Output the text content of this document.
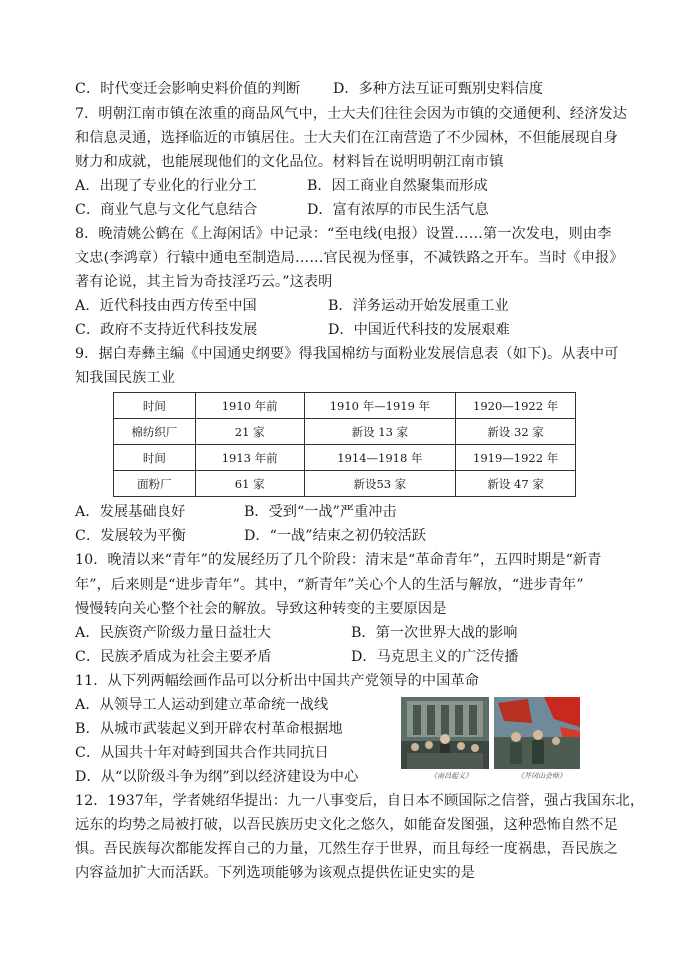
C．时代变迁会影响史料价值的判断 D．多种方法互证可甄别史料信度
7．明朝江南市镇在浓重的商品风气中，士大夫们往往会因为市镇的交通便利、经济发达
和信息灵通，选择临近的市镇居住。士大夫们在江南营造了不少园林，不但能展现自身
财力和成就，也能展现他们的文化品位。材料旨在说明明朝江南市镇
A．出现了专业化的行业分工	B．因工商业自然聚集而形成
C．商业气息与文化气息结合	D．富有浓厚的市民生活气息
8．晚清姚公鹤在《上海闲话》中记录：“至电线(电报）设置……第一次发电，则由李
文忠(李鸿章）行辕中通电至制造局……官民视为怪事，不减铁路之开车。当时《申报》
著有论说，其主旨为奇技淫巧云。”这表明
A．近代科技由西方传至中国	B．洋务运动开始发展重工业
C．政府不支持近代科技发展	D．中国近代科技的发展艰难
9．据白寿彝主编《中国通史纲要》得我国棉纺与面粉业发展信息表（如下)。从表中可
知我国民族工业
时间	1910 年前	1910 年—1919 年	1920—1922 年
棉纺织厂	21 家	新设 13 家	新设 32 家
时间	1913 年前	1914—1918 年	1919—1922 年
面粉厂	61 家	新设53 家	新设 47 家
A．发展基础良好	B．受到“一战”严重冲击
C．发展较为平衡	D．“一战”结束之初仍较活跃
10．晚清以来“青年”的发展经历了几个阶段：清末是“革命青年”，五四时期是“新青
年”，后来则是“进步青年”。其中，“新青年”关心个人的生活与解放，“进步青年”
慢慢转向关心整个社会的解放。导致这种转变的主要原因是
A．民族资产阶级力量日益壮大	B．第一次世界大战的影响
C．民族矛盾成为社会主要矛盾	D．马克思主义的广泛传播
11．从下列两幅绘画作品可以分析出中国共产党领导的中国革命
A．从领导工人运动到建立革命统一战线
B．从城市武装起义到开辟农村革命根据地
C．从国共十年对峙到国共合作共同抗日
D．从“以阶级斗争为纲”到以经济建设为中心	《南昌起义》	《井冈山会师》
12．1937年，学者姚绍华提出：九一八事变后，自日本不顾国际之信誉，强占我国东北，
远东的均势之局被打破，以吾民族历史文化之悠久，如能奋发图强，这种恐怖自然不足
惧。吾民族每次都能发挥自己的力量，兀然生存于世界，而且每经一度祸患，吾民族之
内容益加扩大而活跃。下列选项能够为该观点提供佐证史实的是
